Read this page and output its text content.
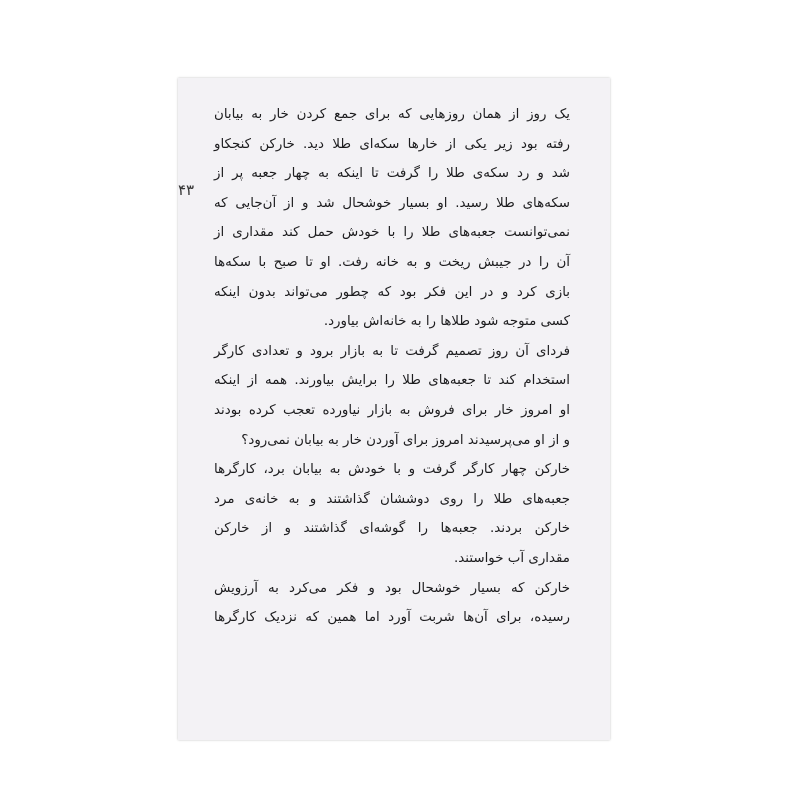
۴۳

یک روز از همان روزهایی که برای جمع کردن خار به بیابان
رفته بود زیر یکی از خارها سکه‌ای طلا دید. خارکن کنجکاو
شد و رد سکه‌ی طلا را گرفت تا اینکه به چهار جعبه پر از
سکه‌های طلا رسید. او بسیار خوشحال شد و از آن‌جایی که
نمی‌توانست جعبه‌های طلا را با خودش حمل کند مقداری از
آن را در جیبش ریخت و به خانه رفت. او تا صبح با سکه‌ها
بازی کرد و در این فکر بود که چطور می‌تواند بدون اینکه
کسی متوجه شود طلاها را به خانه‌اش بیاورد.

فردای آن روز تصمیم گرفت تا به بازار برود و تعدادی کارگر
استخدام کند تا جعبه‌های طلا را برایش بیاورند. همه از اینکه
او امروز خار برای فروش به بازار نیاورده تعجب کرده بودند
و از او می‌پرسیدند امروز برای آوردن خار به بیابان نمی‌رود؟

خارکن چهار کارگر گرفت و با خودش به بیابان برد، کارگرها
جعبه‌های طلا را روی دوششان گذاشتند و به خانه‌ی مرد
خارکن بردند. جعبه‌ها را گوشه‌ای گذاشتند و از خارکن
مقداری آب خواستند.

خارکن که بسیار خوشحال بود و فکر می‌کرد به آرزویش
رسیده، برای آن‌ها شربت آورد اما همین که نزدیک کارگرها
